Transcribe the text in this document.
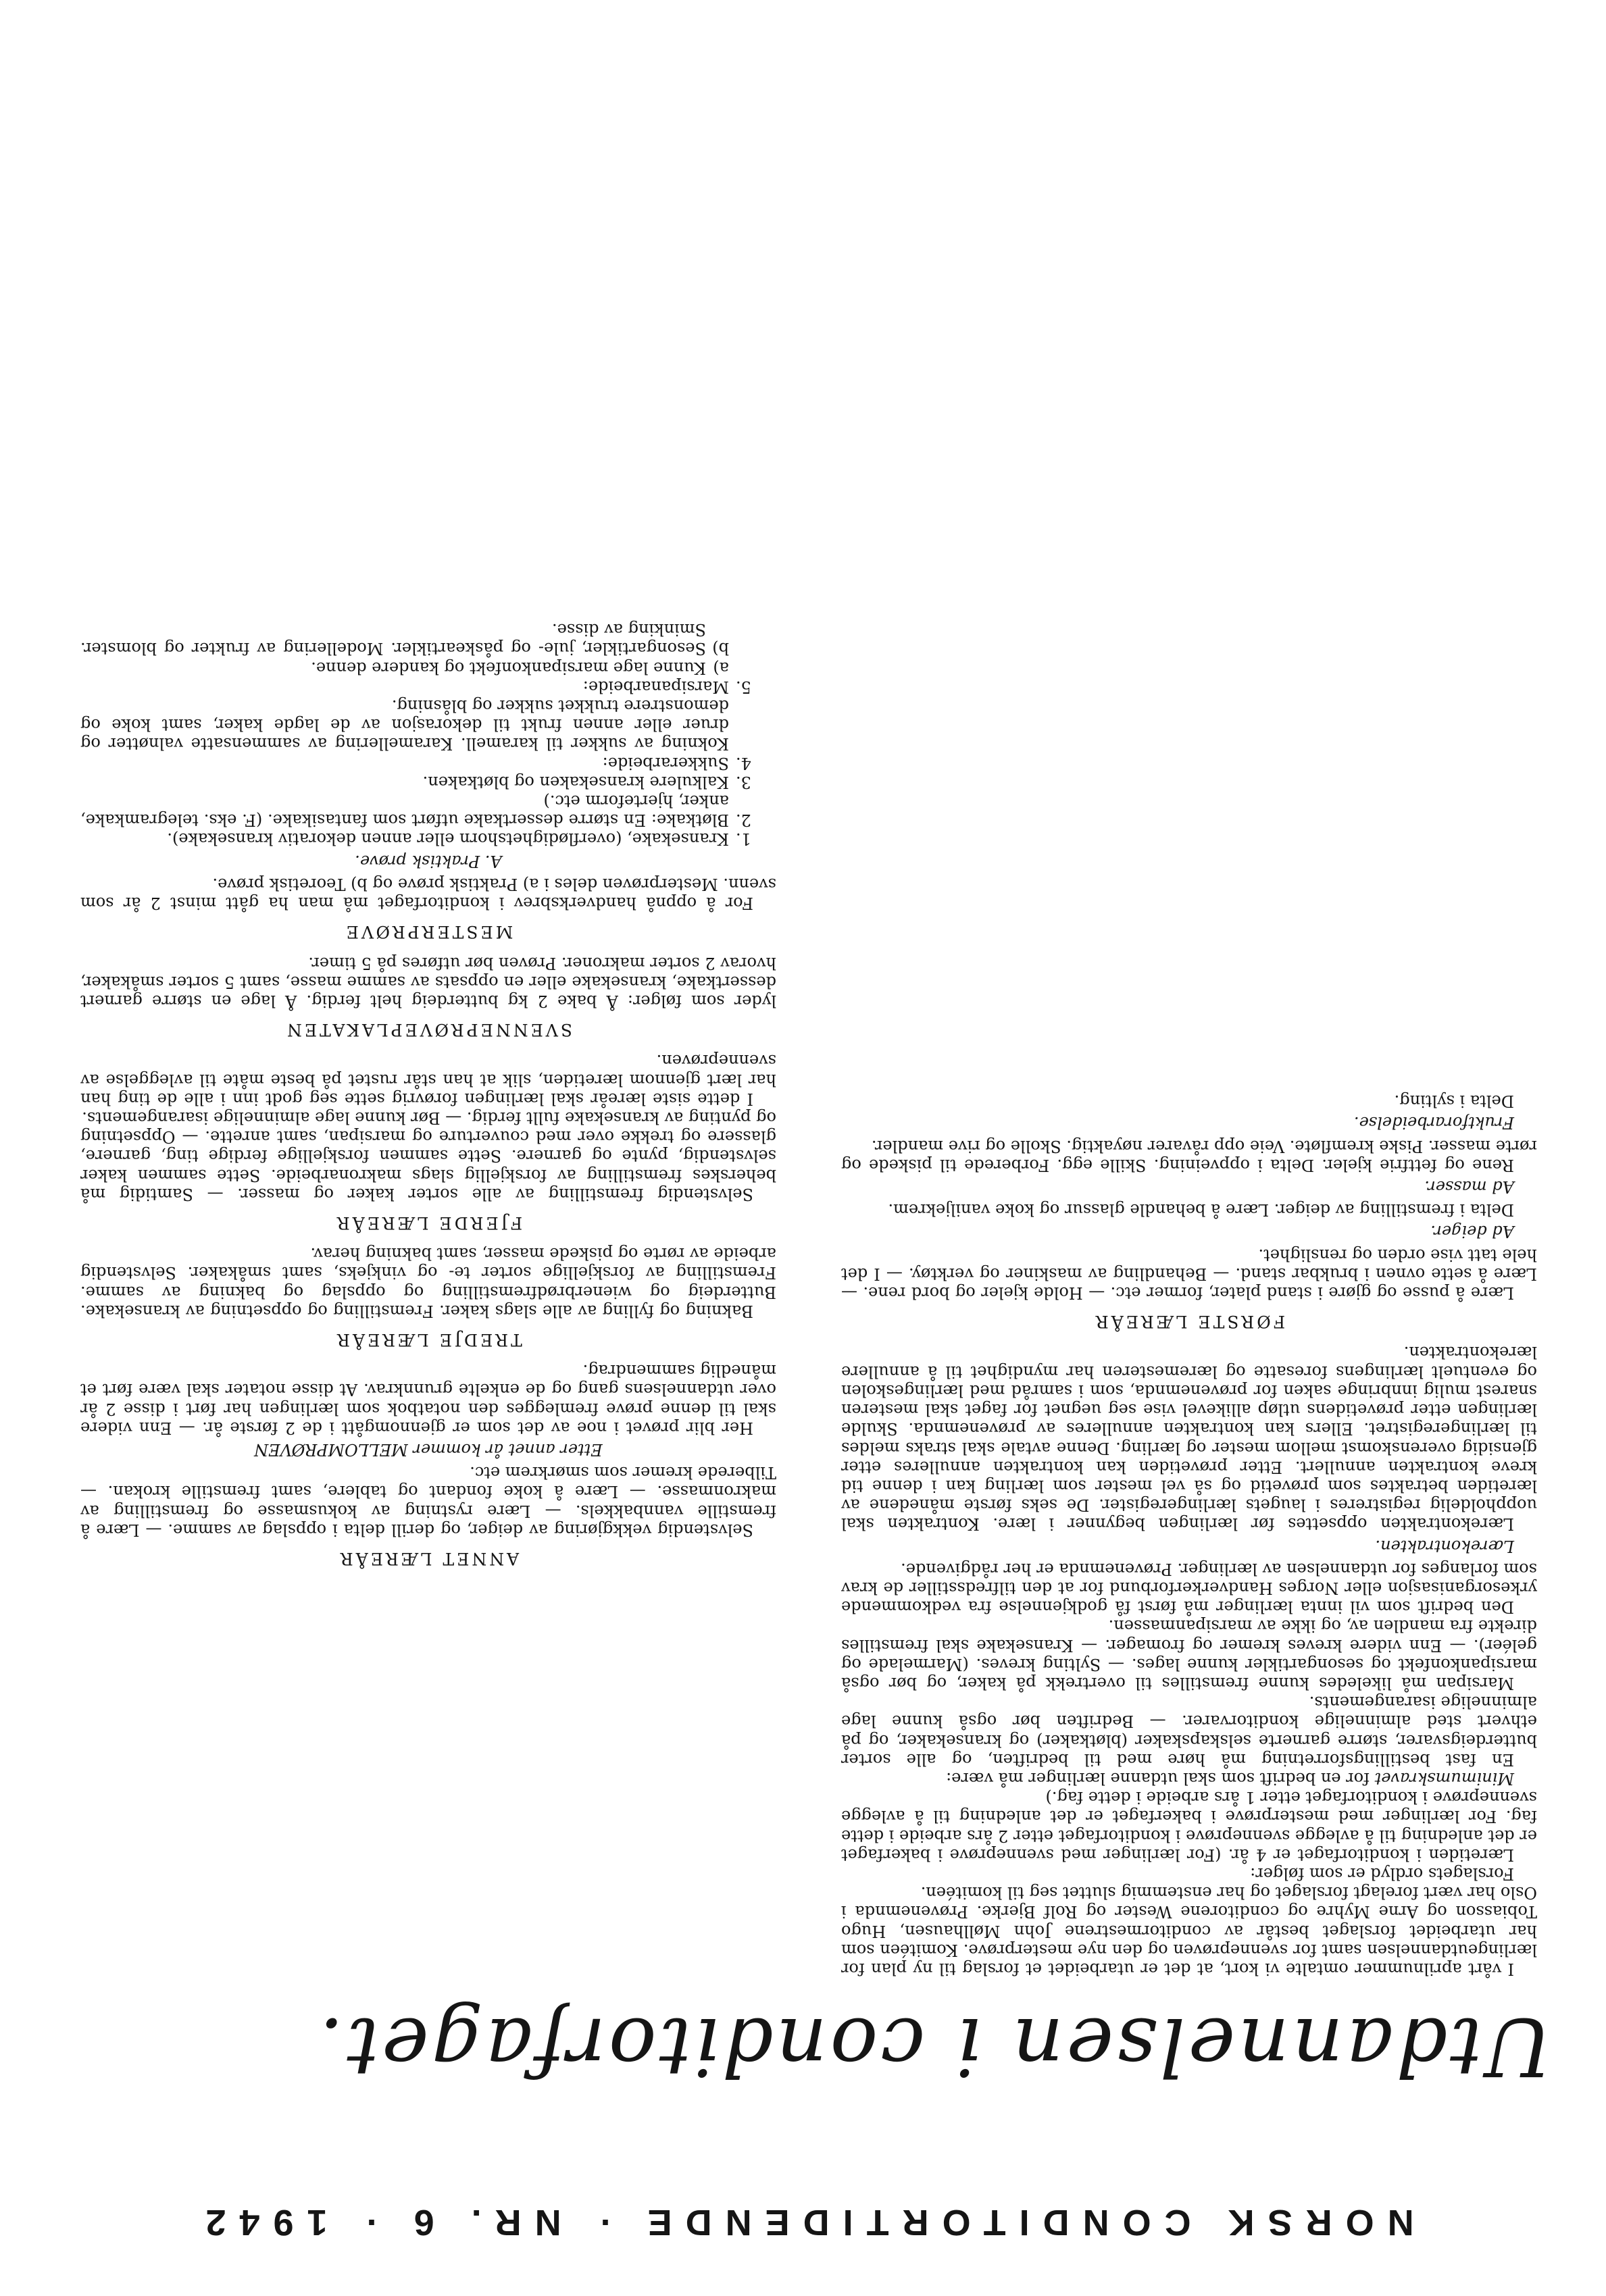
NORSK CONDITORTIDENDE · NR. 6 · 1942
Utdannelsen i conditorfaget.

I vårt aprilnummer omtalte vi kort, at det er utarbeidet et forslag til ny plan for lærlingeutdannelsen samt for svenneprøven og den nye mesterprøve. Komitéen som har utarbeidet forslaget består av conditormestrene John Møllhausen, Hugo Tobiasson og Arne Myhre og conditorene Wester og Rolf Bjerke. Prøvenemnda i Oslo har vært forelagt forslaget og har enstemmig sluttet seg til komitéen.

Forslagets ordlyd er som følger:

Læretiden i konditorfaget er 4 år. (For lærlinger med svenneprøve i bakerfaget er det anledning til å avlegge svenneprøve i konditorfaget etter 2 års arbeide i dette fag. For lærlinger med mesterprøve i bakerfaget er det anledning til å avlegge svenneprøve i konditorfaget etter 1 års arbeide i dette fag.)

Minimumskravet for en bedrift som skal utdanne lærlinger må være:

En fast bestillingsforretning må høre med til bedriften, og alle sorter butterdeigsvarer, større garnerte selskapskaker (bløtkaker) og kransekaker, og på ethvert sted alminnelige konditorvarer. — Bedriften bør også kunne lage alminnelige isarangements.

Marsipan må likeledes kunne fremstilles til overtrekk på kaker, og bør også marsipankonfekt og sesongartikler kunne lages. — Sylting kreves. (Marmelade og geléer). — Enn videre kreves kremer og fromager. — Kransekake skal fremstilles direkte fra mandlen av, og ikke av marsipanmassen.

Den bedrift som vil innta lærlinger må først få godkjennelse fra vedkommende yrkesorganisasjon eller Norges Handverkerforbund for at den tilfredsstiller de krav som forlanges for utdannelsen av lærlinger. Prøvenemnda er her rådgivende.

Lærekontrakten.

Lærekontrakten oppsettes før lærlingen begynner i lære. Kontrakten skal uoppholdelig registreres i laugets lærlingeregister. De seks første månedene av læretiden betraktes som prøvetid og så vel mester som lærling kan i denne tid kreve kontrakten annullert. Etter prøvetiden kan kontrakten annulleres etter gjensidig overenskomst mellom mester og lærling. Denne avtale skal straks meldes til lærlingeregistret. Ellers kan kontrakten annulleres av prøvenemnda. Skulde lærlingen etter prøvetidens utløp allikevel vise seg uegnet for faget skal mesteren snarest mulig innbringe saken for prøvenemnda, som i samråd med lærlingeskolen og eventuelt lærlingens foresatte og læremesteren har myndighet til å annullere lærekontrakten.

FØRSTE LÆREÅR

Lære å pusse og gjøre i stand plater, former etc. — Holde kjeler og bord rene. — Lære å sette ovnen i brukbar stand. — Behandling av maskiner og verktøy. — I det hele tatt vise orden og renslighet.

Ad deiger.

Delta i fremstilling av deiger. Lære å behandle glassur og koke vaniljekrem.

Ad masser.

Rene og fettfrie kjeler. Delta i oppveining. Skille egg. Forberede til piskede og rørte masser. Piske kremfløte. Veie opp råvarer nøyaktig. Skolle og rive mandler.

Fruktforarbeidelse.

Delta i sylting.

ANNET LÆREÅR

Selvstendig vekkgjøring av deiger, og derill delta i oppslag av samme. — Lære å fremstille vannbakkels. — Lære rystning av kokusmasse og fremstilling av makronmasse. — Lære å koke fondant og tablere, samt fremstille krokan. — Tilberede kremer som smørkrem etc.

Etter annet år kommer MELLOMPRØVEN

Her blir prøvet i noe av det som er gjennomgått i de 2 første år. — Enn videre skal til denne prøve fremlegges den notatbok som lærlingen har ført i disse 2 år over utdannelsens gang og de enkelte grunnkrav. At disse notater skal være ført et månedlig sammendrag.

TREDJE LÆREÅR

Bakning og fylling av alle slags kaker. Fremstilling og oppsetning av kransekake. Butterdeig og wienerbrødfremstilling og oppslag og bakning av samme. Fremstilling av forskjellige sorter te- og vinkjeks, samt småkaker. Selvstendig arbeide av rørte og piskede masser, samt bakning herav.

FJERDE LÆREÅR

Selvstendig fremstilling av alle sorter kaker og masser. — Samtidig må beherskes fremstilling av forskjellig slags makronarbeide. Sette sammen kaker selvstendig, pynte og garnere. Sette sammen forskjellige ferdige ting, garnere, glassere og trekke over med couverture og marsipan, samt anrette. — Oppsetning og pynting av kransekake fullt ferdig. — Bør kunne lage alminnelige isarangements.

I dette siste læreår skal lærlingen forøvrig sette seg godt inn i alle de ting han har lært gjennom læretiden, slik at han står rustet på beste måte til avleggelse av svenneprøven.

SVENNEPRØVEPLAKATEN

lyder som følger: Å bake 2 kg butterdeig helt ferdig. Å lage en større garnert dessertkake, kransekake eller en oppsats av samme masse, samt 5 sorter småkaker, hvorav 2 sorter makroner. Prøven bør utføres på 5 timer.

MESTERPRØVE

For å oppnå handverksbrev i konditorfaget må man ha gått minst 2 år som svenn. Mesterprøven deles i a) Praktisk prøve og b) Teoretisk prøve.

A. Praktisk prøve.
1.
Kransekake, (overflødighetshorn eller annen dekorativ kransekake).
2.
Bløtkake: En større dessertkake utført som fantasikake. (F. eks. telegramkake, anker, hjerteform etc.)
3.
Kalkulere kransekaken og bløtkaken.
4.
Sukkerarbeide:
Kokning av sukker til karamell. Karamellering av sammensatte valnøtter og druer eller annen frukt til dekorasjon av de lagde kaker, samt koke og demonstrere trukket sukker og blåsning.
5.
Marsipanarbeide:
a)
Kunne lage marsipankonfekt og kandere denne.
b)
Sesongartikler, jule- og påskeartikler. Modellering av frukter og blomster. Sminking av disse.
